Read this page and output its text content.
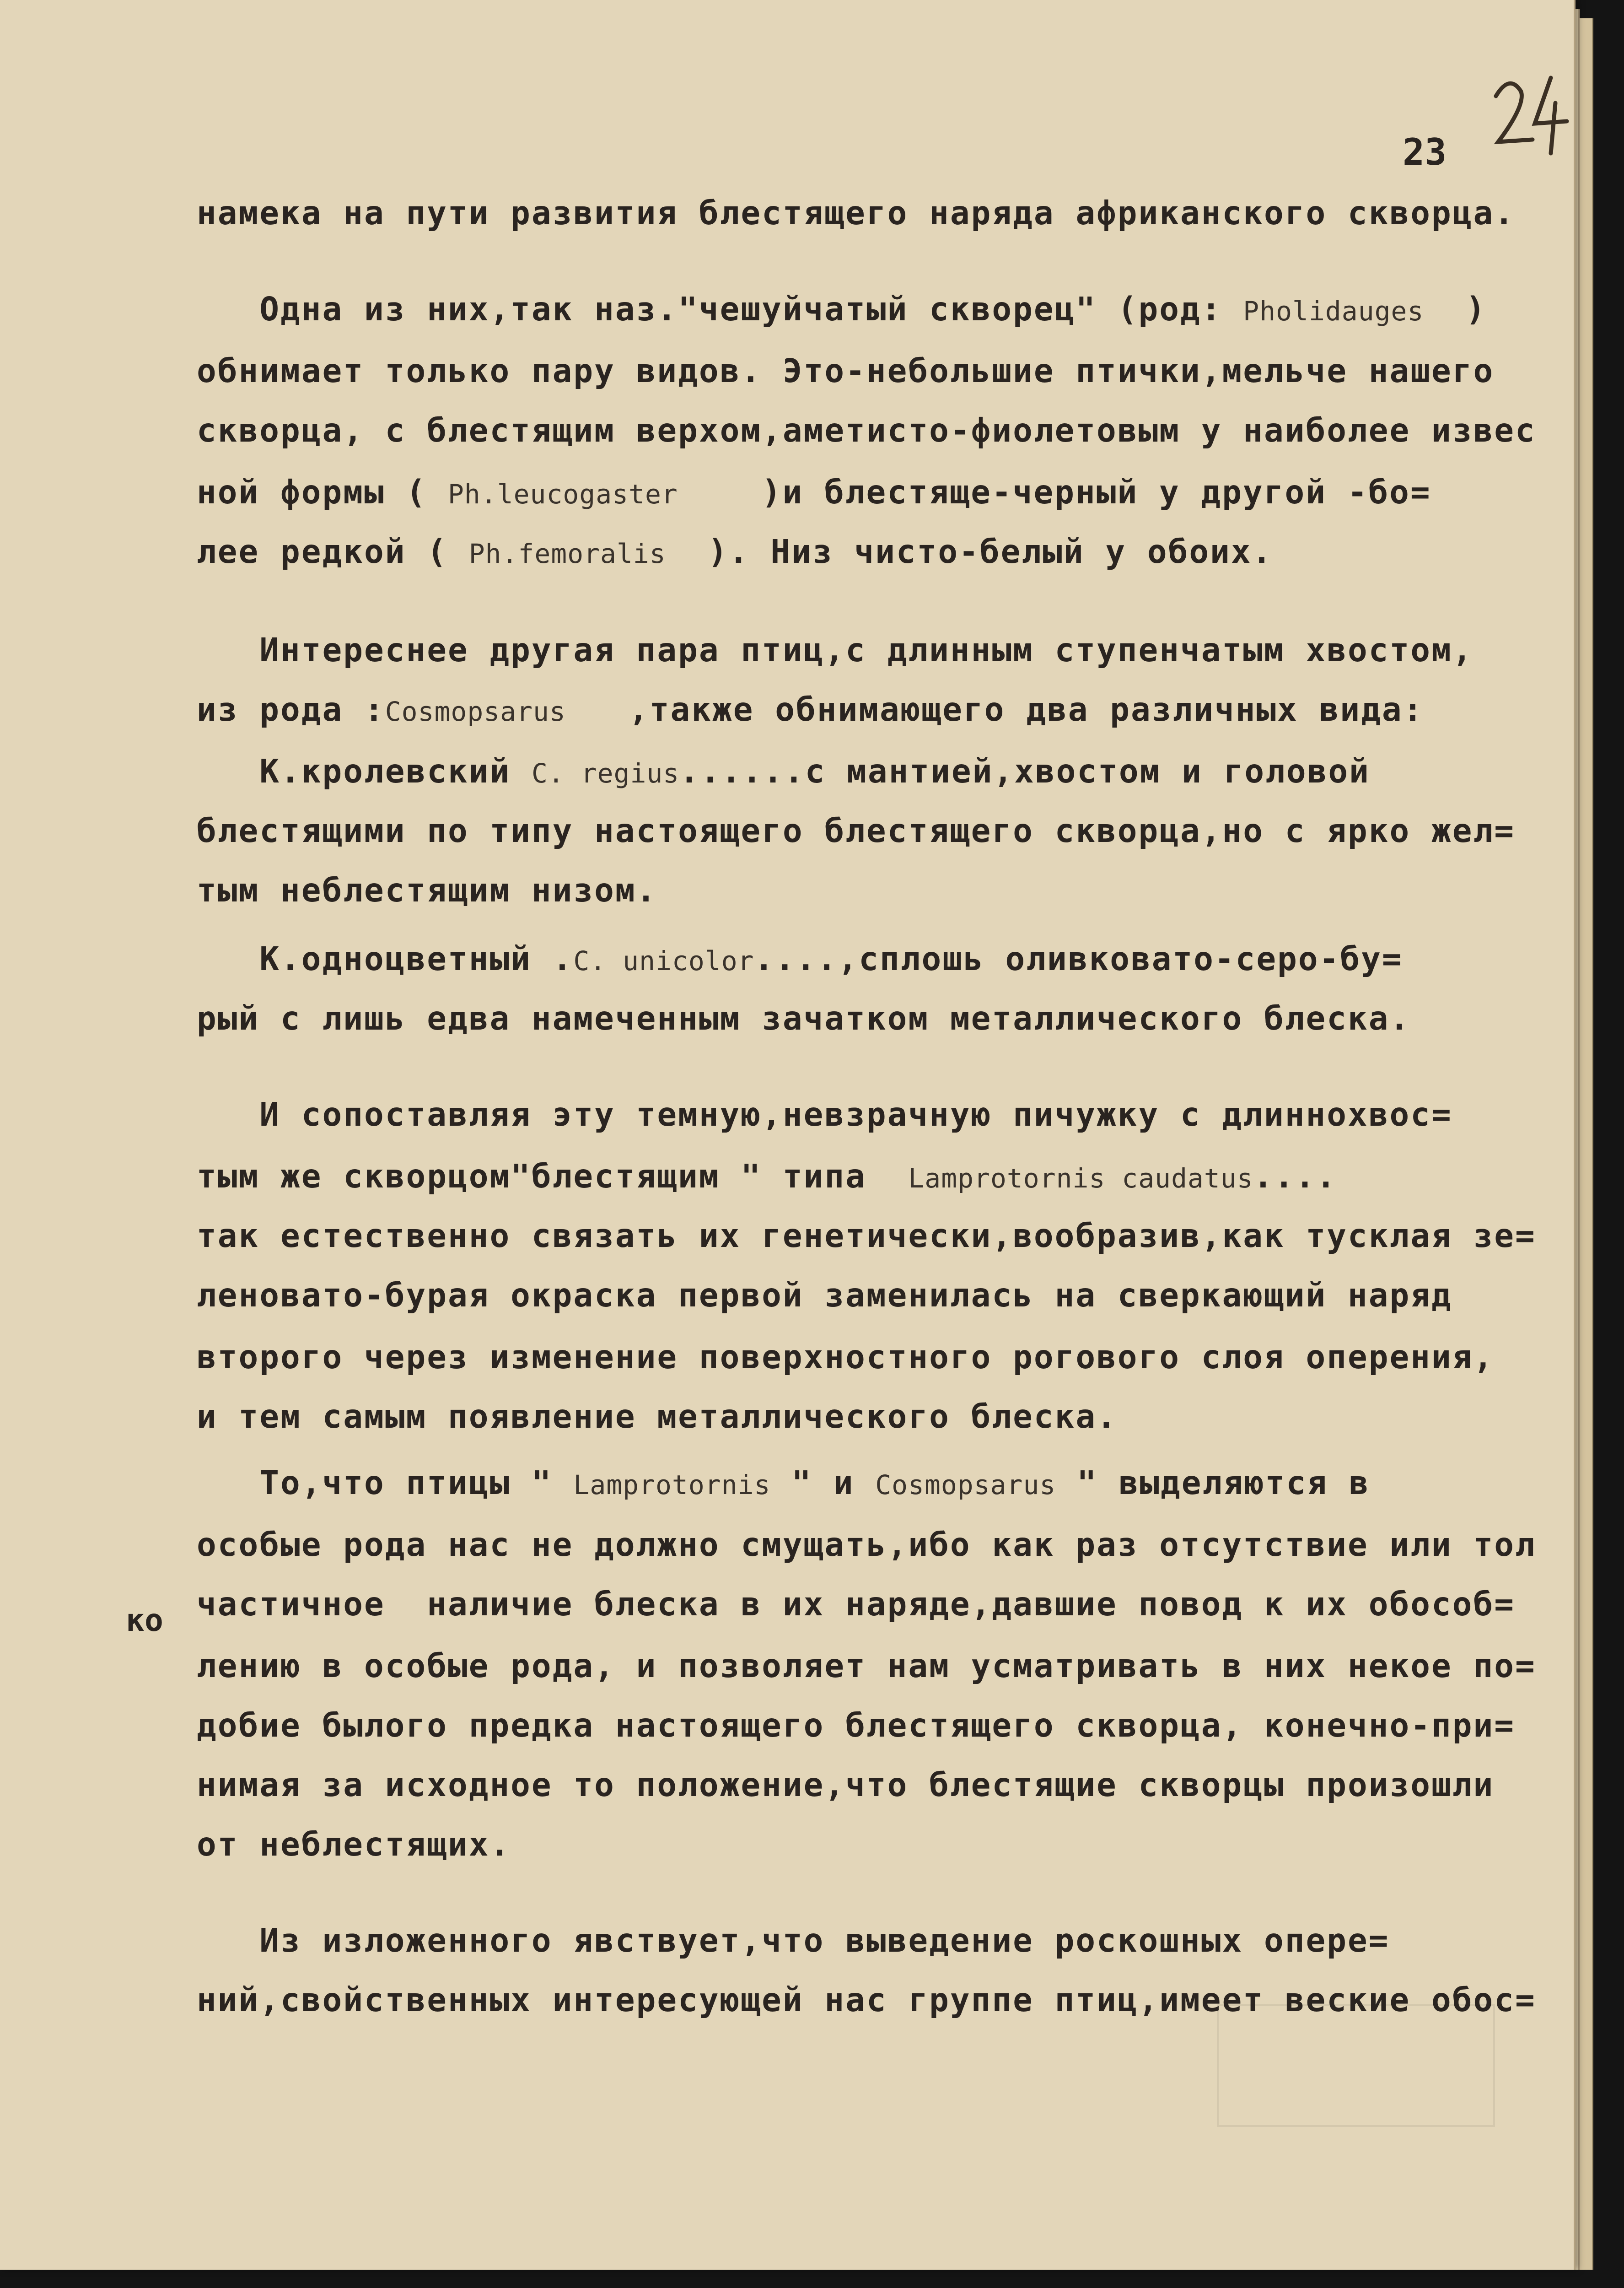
23
ко
намека на пути развития блестящего наряда африканского скворца.
Одна из них,так наз."чешуйчатый скворец" (род: Pholidauges  )
обнимает только пару видов. Это-небольшие птички,мельче нашего
скворца, с блестящим верхом,аметисто-фиолетовым у наиболее извес
ной формы ( Ph.leucogaster    )и блестяще-черный у другой -бо=
лее редкой ( Ph.femoralis  ). Низ чисто-белый у обоих.
Интереснее другая пара птиц,с длинным ступенчатым хвостом,
из рода :Cosmopsarus   ,также обнимающего два различных вида:
К.кролевский C. regius......с мантией,хвостом и головой
блестящими по типу настоящего блестящего скворца,но с ярко жел=
тым неблестящим низом.
К.одноцветный .C. unicolor....,сплошь оливковато-серо-бу=
рый с лишь едва намеченным зачатком металлического блеска.
И сопоставляя эту темную,невзрачную пичужку с длиннохвос=
тым же скворцом"блестящим " типа  Lamprotornis caudatus....
так естественно связать их генетически,вообразив,как тусклая зе=
леновато-бурая окраска первой заменилась на сверкающий наряд
второго через изменение поверхностного рогового слоя оперения,
и тем самым появление металлического блеска.
То,что птицы " Lamprotornis " и Cosmopsarus " выделяются в
особые рода нас не должно смущать,ибо как раз отсутствие или тол
частичное  наличие блеска в их наряде,давшие повод к их обособ=
лению в особые рода, и позволяет нам усматривать в них некое по=
добие былого предка настоящего блестящего скворца, конечно-при=
нимая за исходное то положение,что блестящие скворцы произошли
от неблестящих.
Из изложенного явствует,что выведение роскошных опере=
ний,свойственных интересующей нас группе птиц,имеет веские обос=
